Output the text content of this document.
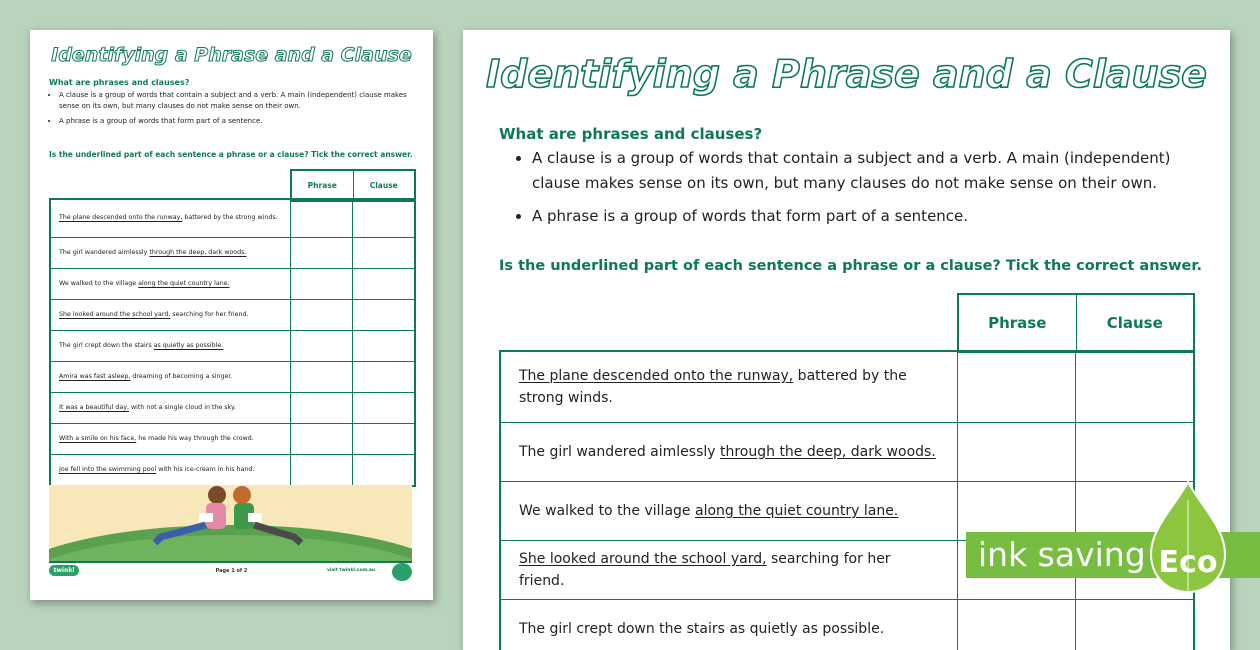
Identifying a Phrase and a Clause
What are phrases and clauses?
• A clause is a group of words that contain a subject and a verb. A main (independent) clause makes sense on its own, but many clauses do not make sense on their own.
• A phrase is a group of words that form part of a sentence.
Is the underlined part of each sentence a phrase or a clause? Tick the correct answer.
Phrase	Clause
The plane descended onto the runway, battered by the strong winds.
The girl wandered aimlessly through the deep, dark woods.
We walked to the village along the quiet country lane.
She looked around the school yard, searching for her friend.
The girl crept down the stairs as quietly as possible.
Amira was fast asleep, dreaming of becoming a singer.
It was a beautiful day, with not a single cloud in the sky.
With a smile on his face, he made his way through the crowd.
Joe fell into the swimming pool with his ice-cream in his hand.
twinkl	Page 1 of 2	visit twinkl.com.au
Identifying a Phrase and a Clause
What are phrases and clauses?
• A clause is a group of words that contain a subject and a verb. A main (independent) clause makes sense on its own, but many clauses do not make sense on their own.
• A phrase is a group of words that form part of a sentence.
Is the underlined part of each sentence a phrase or a clause? Tick the correct answer.
Phrase	Clause
The plane descended onto the runway, battered by the strong winds.
The girl wandered aimlessly through the deep, dark woods.
We walked to the village along the quiet country lane.
She looked around the school yard, searching for her friend.
The girl crept down the stairs as quietly as possible.
ink saving Eco
